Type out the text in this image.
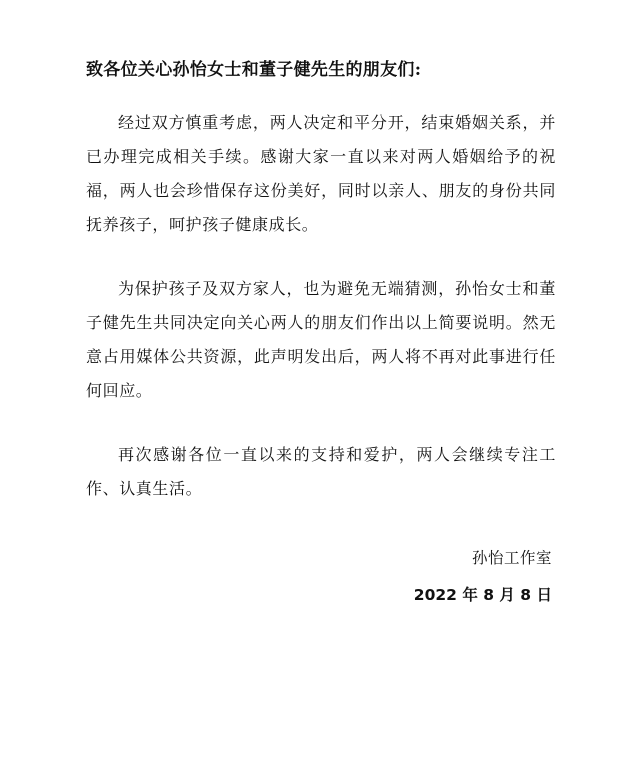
致各位关心孙怡女士和董子健先生的朋友们:

经过双方慎重考虑，两人决定和平分开，结束婚姻关系，并已办理完成相关手续。感谢大家一直以来对两人婚姻给予的祝福，两人也会珍惜保存这份美好，同时以亲人、朋友的身份共同抚养孩子，呵护孩子健康成长。

为保护孩子及双方家人，也为避免无端猜测，孙怡女士和董子健先生共同决定向关心两人的朋友们作出以上简要说明。然无意占用媒体公共资源，此声明发出后，两人将不再对此事进行任何回应。

再次感谢各位一直以来的支持和爱护，两人会继续专注工作、认真生活。

孙怡工作室
2022 年 8 月 8 日
